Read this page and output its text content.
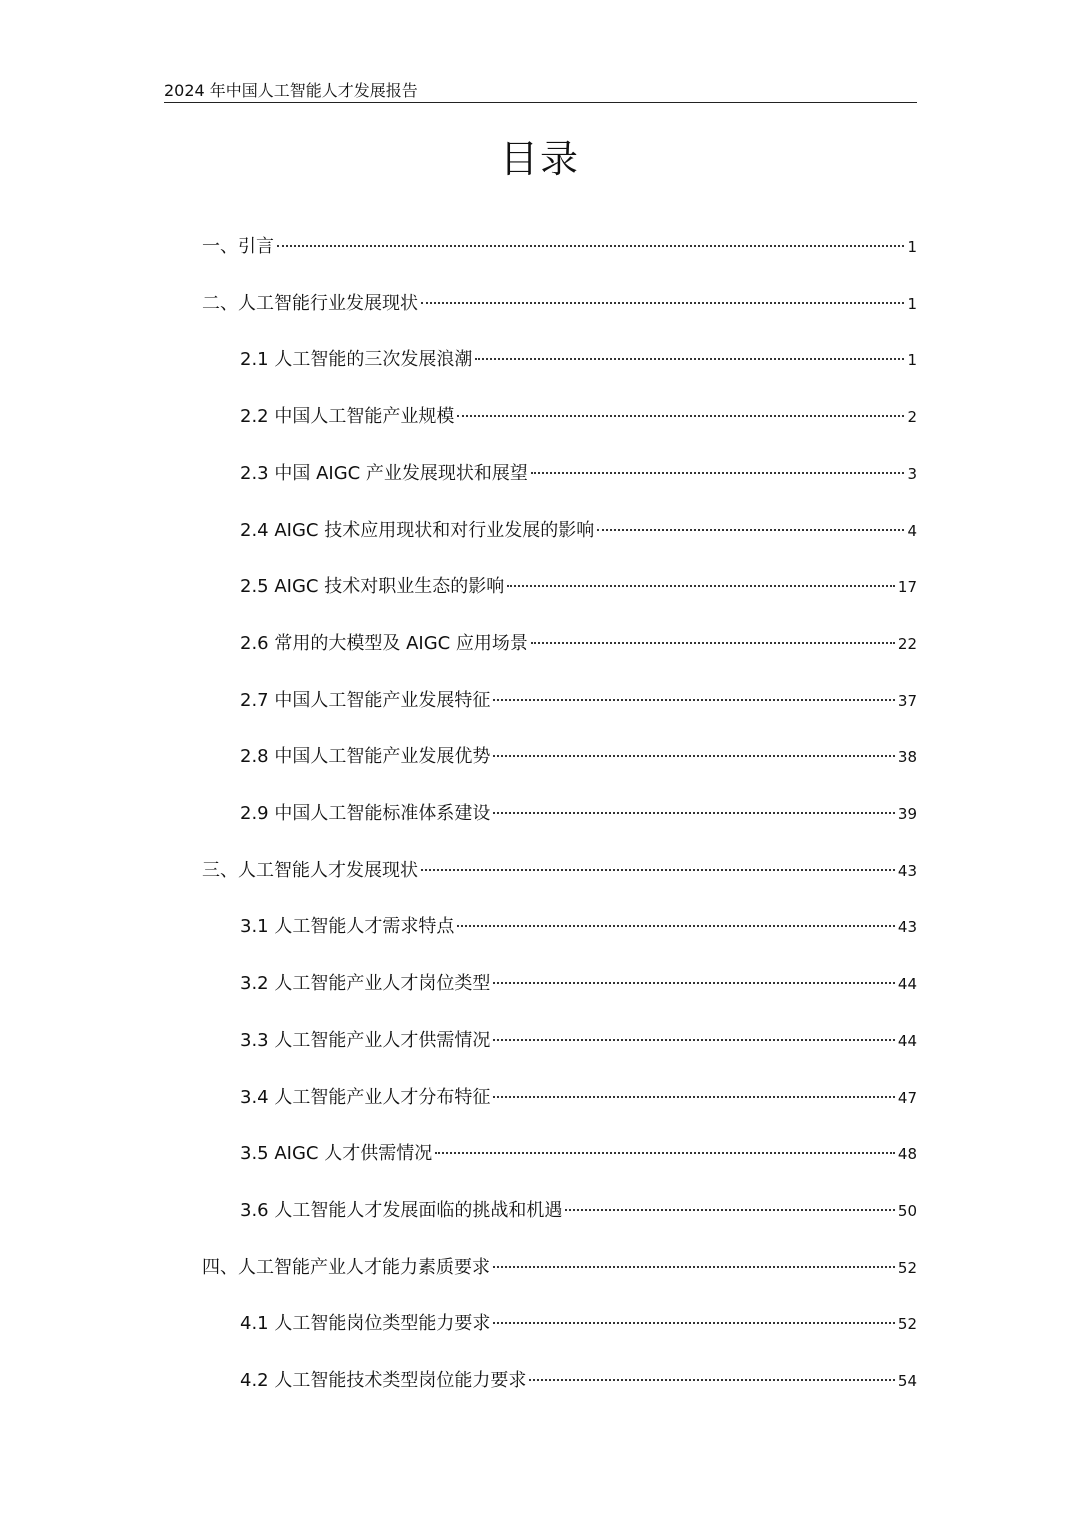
2024 年中国人工智能人才发展报告
目录
一、引言	1
二、人工智能行业发展现状	1
2.1 人工智能的三次发展浪潮	1
2.2 中国人工智能产业规模	2
2.3 中国 AIGC 产业发展现状和展望	3
2.4 AIGC 技术应用现状和对行业发展的影响	4
2.5 AIGC 技术对职业生态的影响	17
2.6 常用的大模型及 AIGC 应用场景	22
2.7 中国人工智能产业发展特征	37
2.8 中国人工智能产业发展优势	38
2.9 中国人工智能标准体系建设	39
三、人工智能人才发展现状	43
3.1 人工智能人才需求特点	43
3.2 人工智能产业人才岗位类型	44
3.3 人工智能产业人才供需情况	44
3.4 人工智能产业人才分布特征	47
3.5 AIGC 人才供需情况	48
3.6 人工智能人才发展面临的挑战和机遇	50
四、人工智能产业人才能力素质要求	52
4.1 人工智能岗位类型能力要求	52
4.2 人工智能技术类型岗位能力要求	54
